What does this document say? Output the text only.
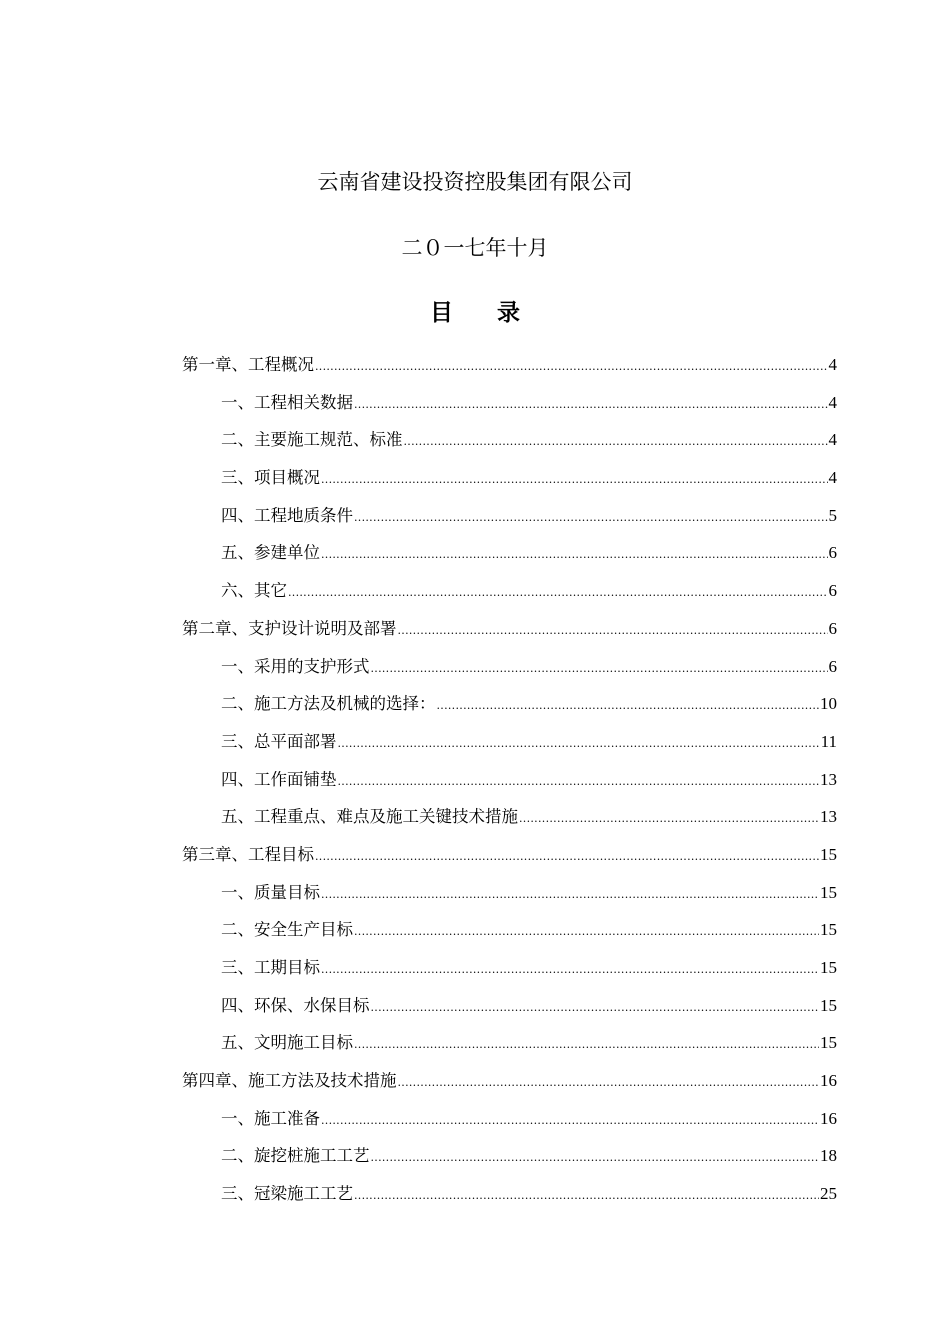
云南省建设投资控股集团有限公司
二０一七年十月
目 录
第一章、工程概况 .....	4
一、工程相关数据 .....	4
二、主要施工规范、标准 .....	4
三、项目概况 .....	4
四、工程地质条件 .....	5
五、参建单位 .....	6
六、其它 .....	6
第二章、支护设计说明及部署 .....	6
一、采用的支护形式 .....	6
二、施工方法及机械的选择： .....	10
三、总平面部署 .....	11
四、工作面铺垫 .....	13
五、工程重点、难点及施工关键技术措施 .....	13
第三章、工程目标 .....	15
一、质量目标 .....	15
二、安全生产目标 .....	15
三、工期目标 .....	15
四、环保、水保目标 .....	15
五、文明施工目标 .....	15
第四章、施工方法及技术措施 .....	16
一、施工准备 .....	16
二、旋挖桩施工工艺 .....	18
三、冠梁施工工艺 .....	25
